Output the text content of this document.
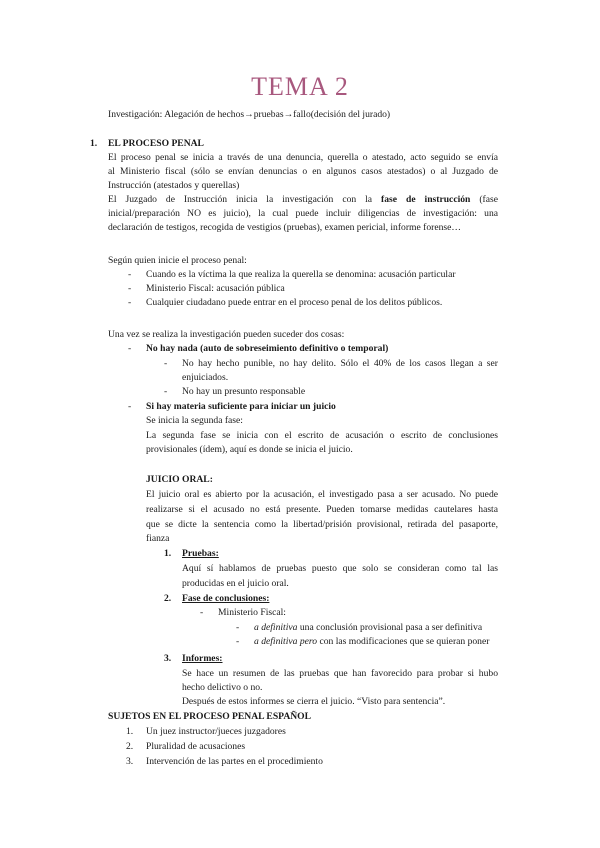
TEMA 2
Investigación: Alegación de hechos→pruebas→fallo(decisión del jurado)
1. EL PROCESO PENAL
El proceso penal se inicia a través de una denuncia, querella o atestado, acto seguido se envía
al Ministerio fiscal (sólo se envían denuncias o en algunos casos atestados) o al Juzgado de
Instrucción (atestados y querellas)
El Juzgado de Instrucción inicia la investigación con la fase de instrucción (fase
inicial/preparación NO es juicio), la cual puede incluir diligencias de investigación: una
declaración de testigos, recogida de vestigios (pruebas), examen pericial, informe forense…
Según quien inicie el proceso penal:
- Cuando es la víctima la que realiza la querella se denomina: acusación particular
- Ministerio Fiscal: acusación pública
- Cualquier ciudadano puede entrar en el proceso penal de los delitos públicos.
Una vez se realiza la investigación pueden suceder dos cosas:
- No hay nada (auto de sobreseimiento definitivo o temporal)
- No hay hecho punible, no hay delito. Sólo el 40% de los casos llegan a ser
enjuiciados.
- No hay un presunto responsable
- Si hay materia suficiente para iniciar un juicio
Se inicia la segunda fase:
La segunda fase se inicia con el escrito de acusación o escrito de conclusiones
provisionales (ídem), aquí es donde se inicia el juicio.
JUICIO ORAL:
El juicio oral es abierto por la acusación, el investigado pasa a ser acusado. No puede
realizarse si el acusado no está presente. Pueden tomarse medidas cautelares hasta
que se dicte la sentencia como la libertad/prisión provisional, retirada del pasaporte,
fianza
1. Pruebas:
Aquí sí hablamos de pruebas puesto que solo se consideran como tal las
producidas en el juicio oral.
2. Fase de conclusiones:
- Ministerio Fiscal:
- a definitiva una conclusión provisional pasa a ser definitiva
- a definitiva pero con las modificaciones que se quieran poner
3. Informes:
Se hace un resumen de las pruebas que han favorecido para probar si hubo
hecho delictivo o no.
Después de estos informes se cierra el juicio. “Visto para sentencia”.
SUJETOS EN EL PROCESO PENAL ESPAÑOL
1. Un juez instructor/jueces juzgadores
2. Pluralidad de acusaciones
3. Intervención de las partes en el procedimiento
